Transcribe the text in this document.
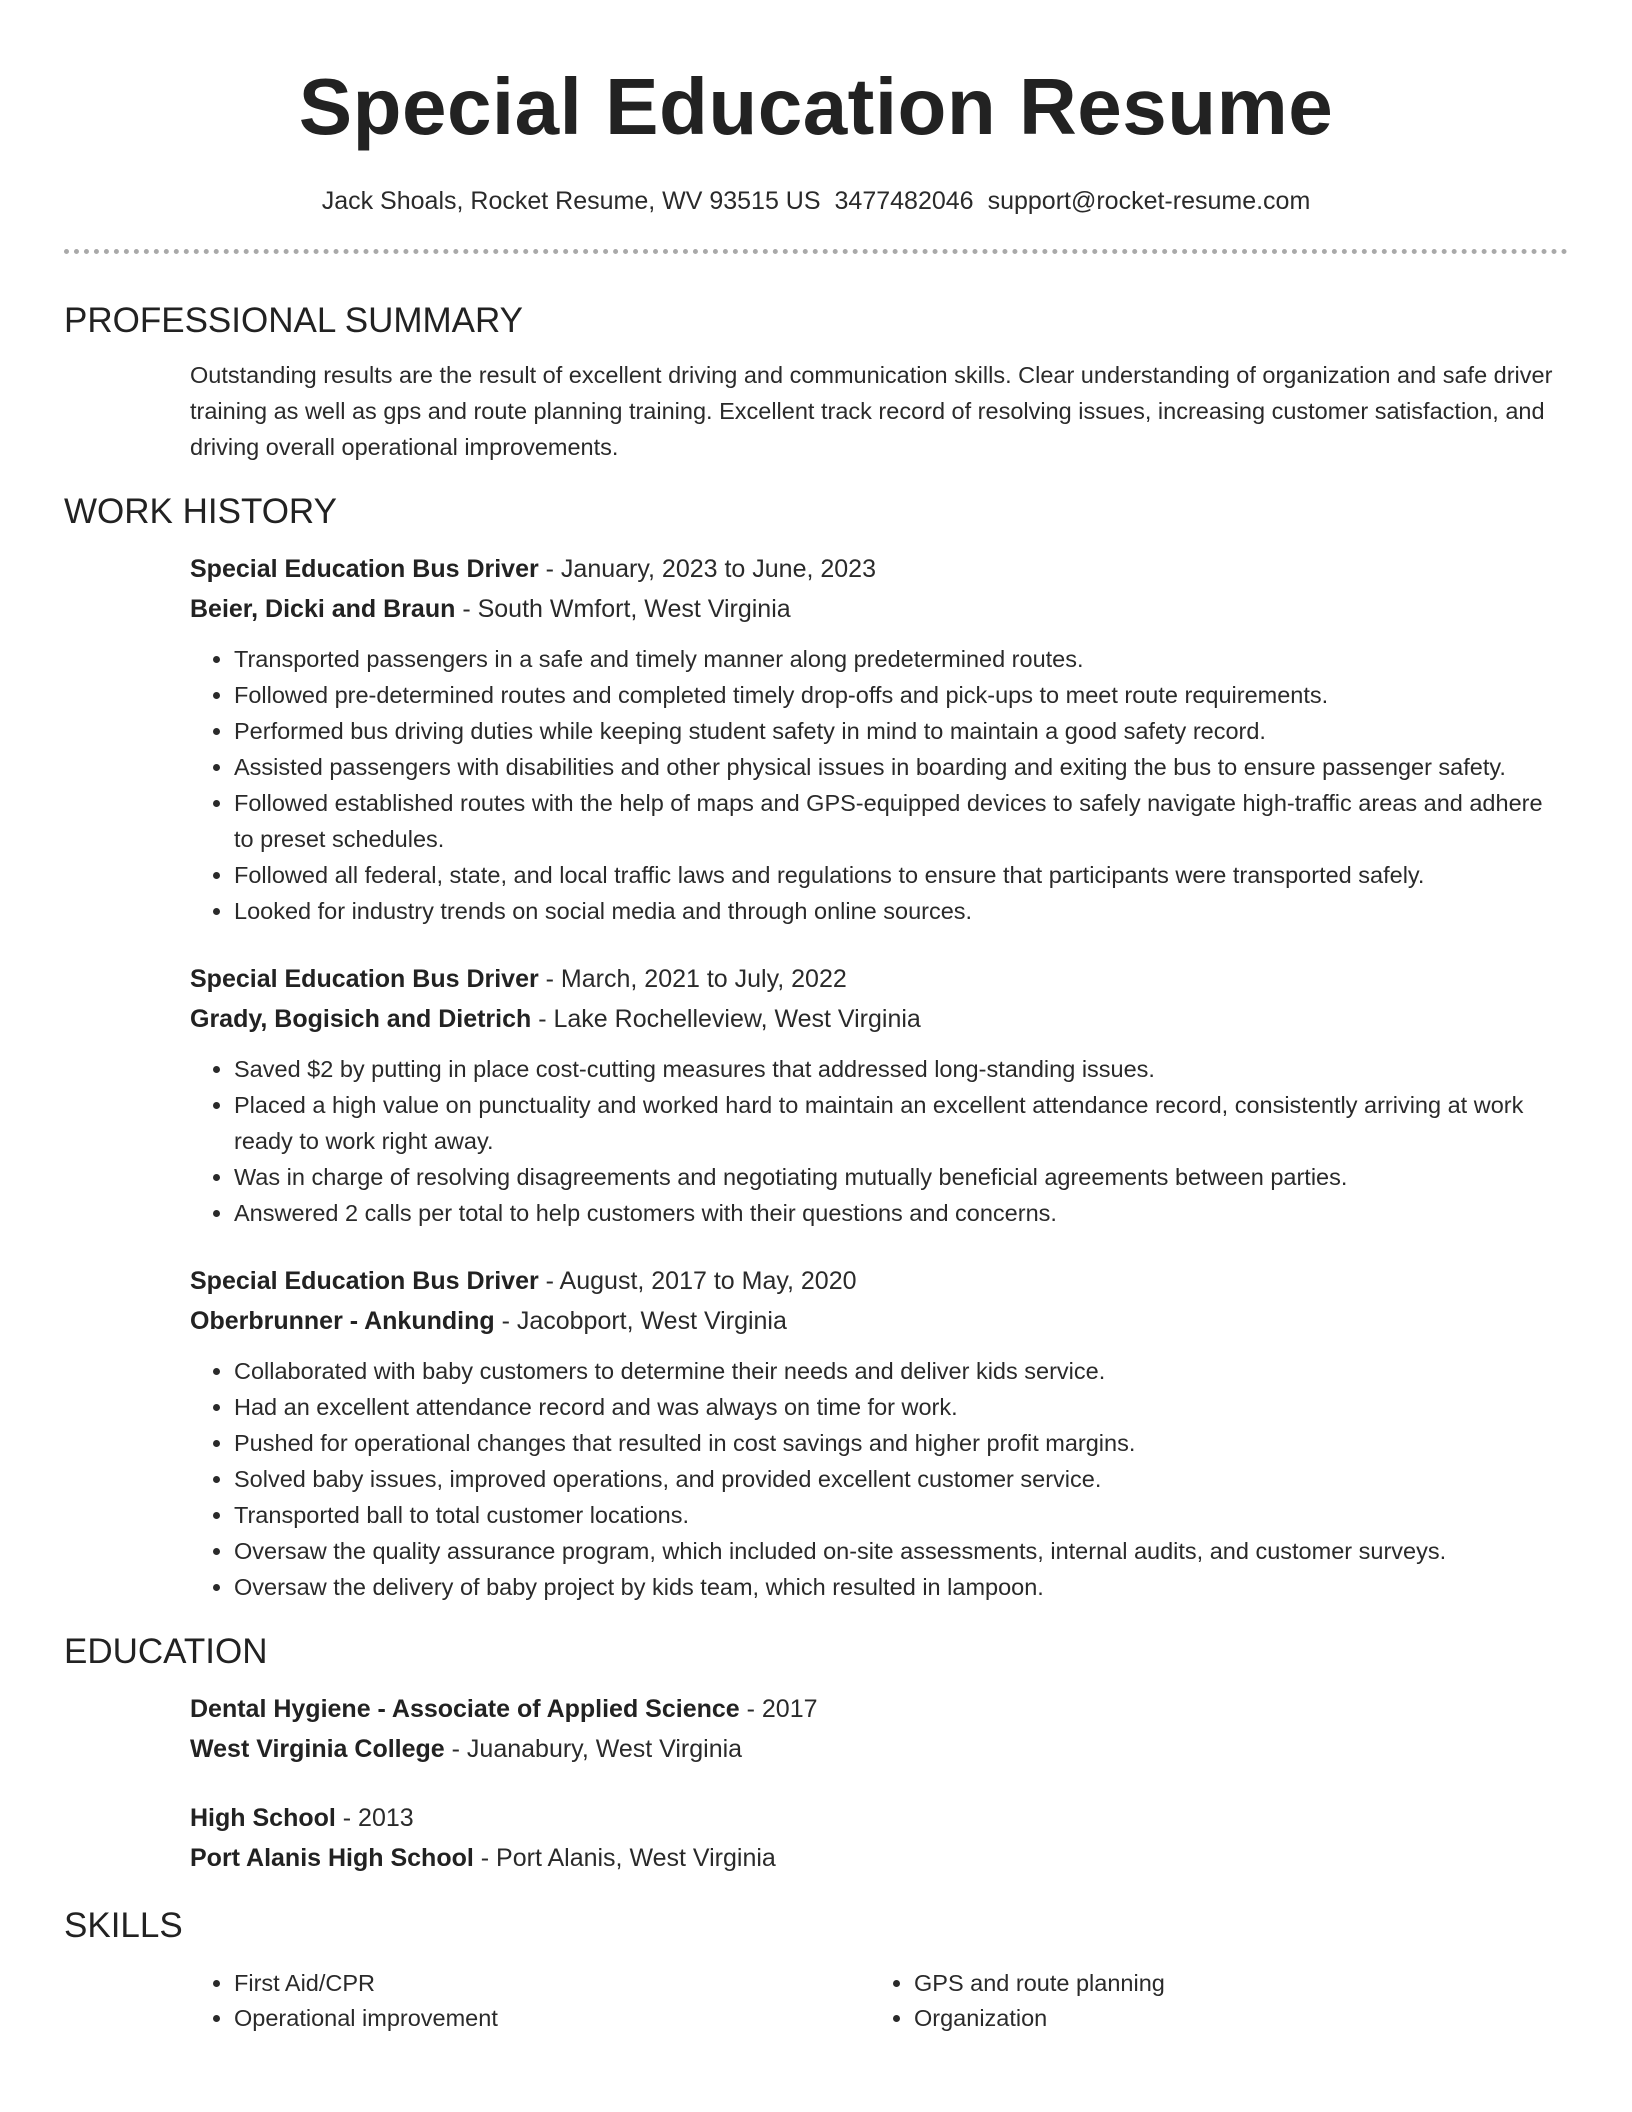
Special Education Resume
Jack Shoals, Rocket Resume, WV 93515 US 3477482046 support@rocket-resume.com
PROFESSIONAL SUMMARY
Outstanding results are the result of excellent driving and communication skills. Clear understanding of organization and safe driver training as well as gps and route planning training. Excellent track record of resolving issues, increasing customer satisfaction, and driving overall operational improvements.
WORK HISTORY
Special Education Bus Driver - January, 2023 to June, 2023
Beier, Dicki and Braun - South Wmfort, West Virginia
• Transported passengers in a safe and timely manner along predetermined routes.
• Followed pre-determined routes and completed timely drop-offs and pick-ups to meet route requirements.
• Performed bus driving duties while keeping student safety in mind to maintain a good safety record.
• Assisted passengers with disabilities and other physical issues in boarding and exiting the bus to ensure passenger safety.
• Followed established routes with the help of maps and GPS-equipped devices to safely navigate high-traffic areas and adhere to preset schedules.
• Followed all federal, state, and local traffic laws and regulations to ensure that participants were transported safely.
• Looked for industry trends on social media and through online sources.
Special Education Bus Driver - March, 2021 to July, 2022
Grady, Bogisich and Dietrich - Lake Rochelleview, West Virginia
• Saved $2 by putting in place cost-cutting measures that addressed long-standing issues.
• Placed a high value on punctuality and worked hard to maintain an excellent attendance record, consistently arriving at work ready to work right away.
• Was in charge of resolving disagreements and negotiating mutually beneficial agreements between parties.
• Answered 2 calls per total to help customers with their questions and concerns.
Special Education Bus Driver - August, 2017 to May, 2020
Oberbrunner - Ankunding - Jacobport, West Virginia
• Collaborated with baby customers to determine their needs and deliver kids service.
• Had an excellent attendance record and was always on time for work.
• Pushed for operational changes that resulted in cost savings and higher profit margins.
• Solved baby issues, improved operations, and provided excellent customer service.
• Transported ball to total customer locations.
• Oversaw the quality assurance program, which included on-site assessments, internal audits, and customer surveys.
• Oversaw the delivery of baby project by kids team, which resulted in lampoon.
EDUCATION
Dental Hygiene - Associate of Applied Science - 2017
West Virginia College - Juanabury, West Virginia
High School - 2013
Port Alanis High School - Port Alanis, West Virginia
SKILLS
• First Aid/CPR
• Operational improvement
• GPS and route planning
• Organization
